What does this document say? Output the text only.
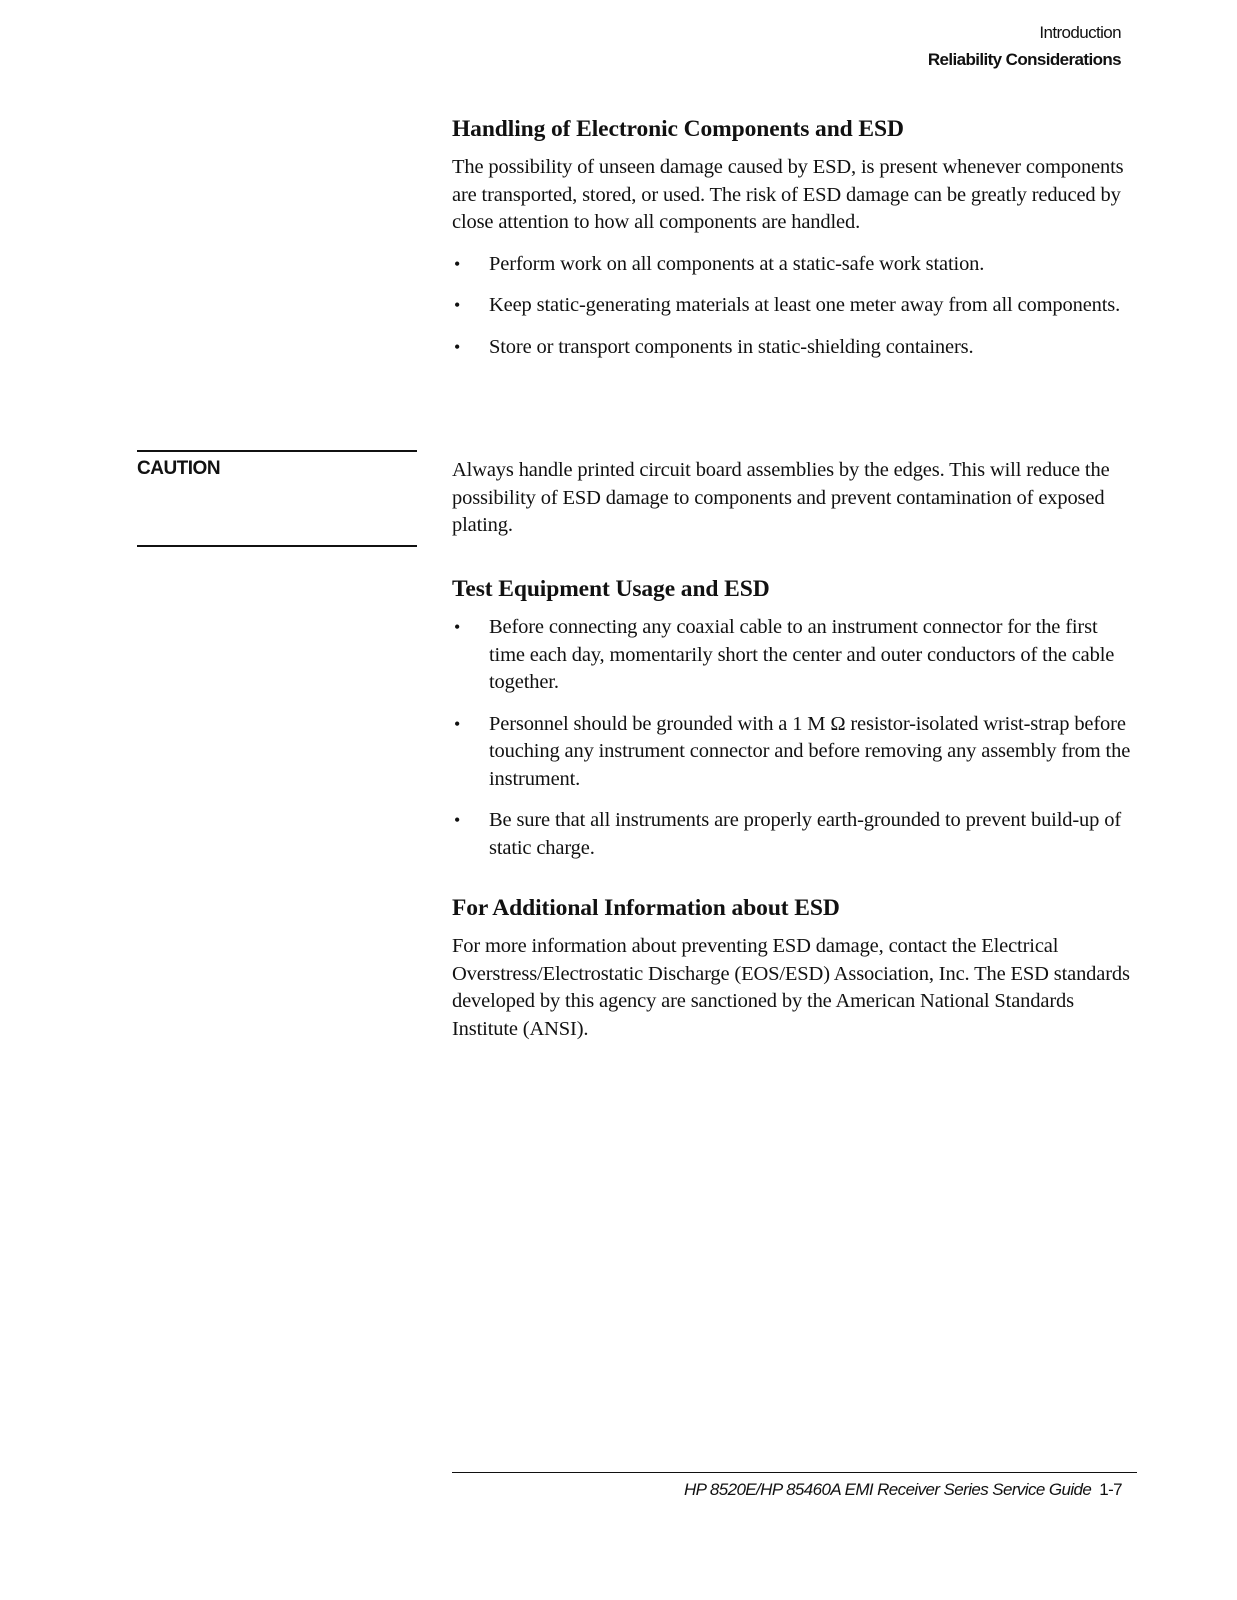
Introduction
Reliability Considerations
Handling of Electronic Components and ESD

The possibility of unseen damage caused by ESD, is present whenever components are transported, stored, or used. The risk of ESD damage can be greatly reduced by close attention to how all components are handled.

• Perform work on all components at a static-safe work station.
• Keep static-generating materials at least one meter away from all components.
• Store or transport components in static-shielding containers.
CAUTION	Always handle printed circuit board assemblies by the edges. This will reduce the possibility of ESD damage to components and prevent contamination of exposed plating.

Test Equipment Usage and ESD
• Before connecting any coaxial cable to an instrument connector for the first time each day, momentarily short the center and outer conductors of the cable together.
• Personnel should be grounded with a 1 M Ω resistor-isolated wrist-strap before touching any instrument connector and before removing any assembly from the instrument.
• Be sure that all instruments are properly earth-grounded to prevent build-up of static charge.
For Additional Information about ESD

For more information about preventing ESD damage, contact the Electrical Overstress/Electrostatic Discharge (EOS/ESD) Association, Inc. The ESD standards developed by this agency are sanctioned by the American National Standards Institute (ANSI).

HP 8520E/HP 85460A EMI Receiver Series Service Guide 1-7
